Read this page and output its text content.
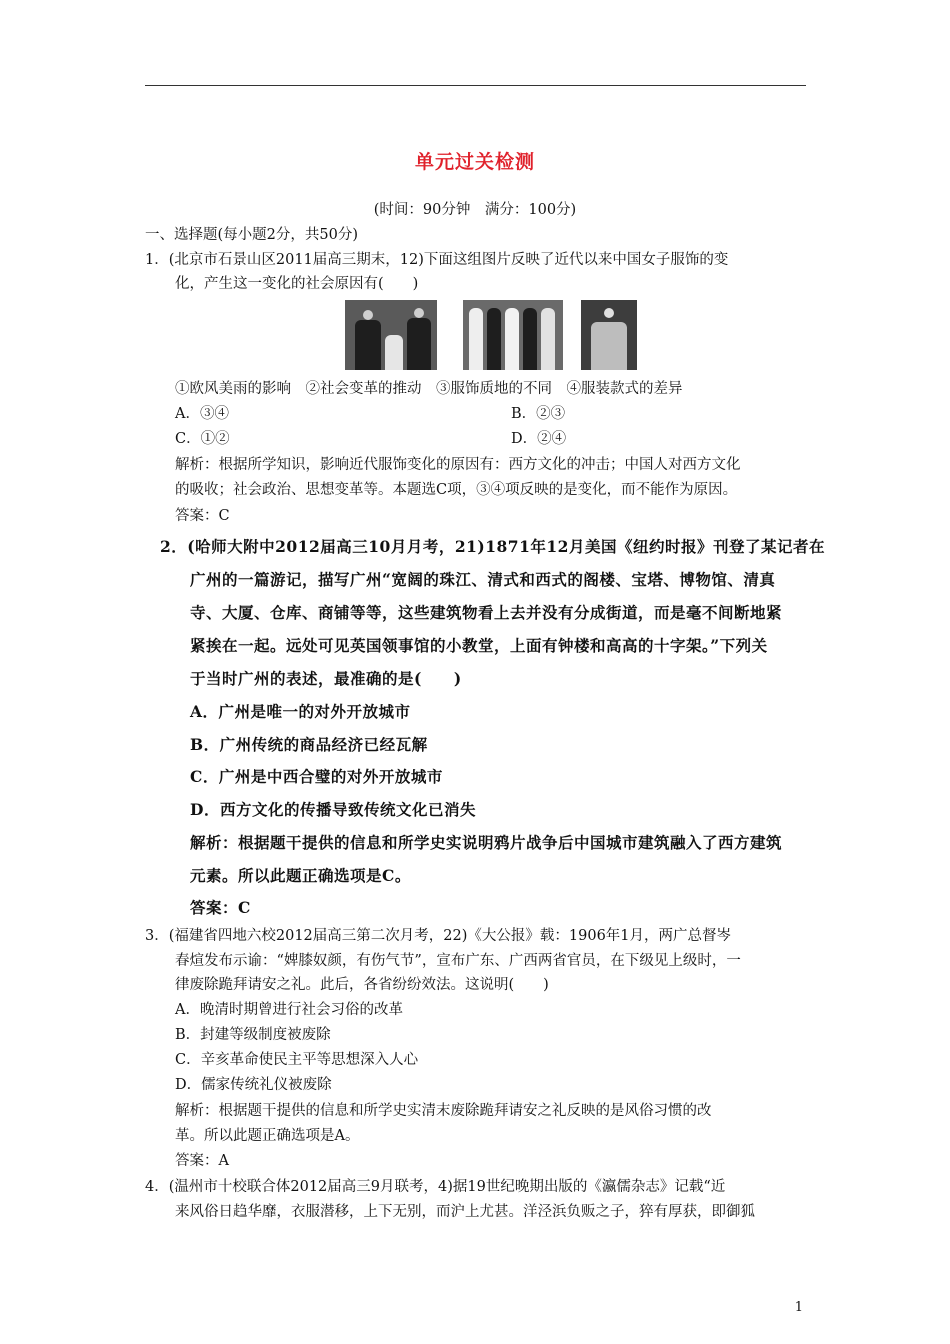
单元过关检测
(时间：90分钟　满分：100分)
一、选择题(每小题2分，共50分)
1．(北京市石景山区2011届高三期末，12)下面这组图片反映了近代以来中国女子服饰的变
化，产生这一变化的社会原因有(　　)
①欧风美雨的影响　②社会变革的推动　③服饰质地的不同　④服装款式的差异
A．③④	B．②③
C．①②	D．②④
解析：根据所学知识，影响近代服饰变化的原因有：西方文化的冲击；中国人对西方文化
的吸收；社会政治、思想变革等。本题选C项，③④项反映的是变化，而不能作为原因。
答案：C
2．(哈师大附中2012届高三10月月考，21)1871年12月美国《纽约时报》刊登了某记者在
广州的一篇游记，描写广州“宽阔的珠江、清式和西式的阁楼、宝塔、博物馆、清真
寺、大厦、仓库、商铺等等，这些建筑物看上去并没有分成街道，而是毫不间断地紧
紧挨在一起。远处可见英国领事馆的小教堂，上面有钟楼和高高的十字架。”下列关
于当时广州的表述，最准确的是(　　)
A．广州是唯一的对外开放城市
B．广州传统的商品经济已经瓦解
C．广州是中西合璧的对外开放城市
D．西方文化的传播导致传统文化已消失
解析：根据题干提供的信息和所学史实说明鸦片战争后中国城市建筑融入了西方建筑
元素。所以此题正确选项是C。
答案：C
3．(福建省四地六校2012届高三第二次月考，22)《大公报》载：1906年1月，两广总督岑
春煊发布示谕：“婢膝奴颜，有伤气节”，宣布广东、广西两省官员，在下级见上级时，一
律废除跪拜请安之礼。此后，各省纷纷效法。这说明(　　)
A．晚清时期曾进行社会习俗的改革
B．封建等级制度被废除
C．辛亥革命使民主平等思想深入人心
D．儒家传统礼仪被废除
解析：根据题干提供的信息和所学史实清末废除跪拜请安之礼反映的是风俗习惯的改
革。所以此题正确选项是A。
答案：A
4．(温州市十校联合体2012届高三9月联考，4)据19世纪晚期出版的《瀛儒杂志》记载“近
来风俗日趋华靡，衣服潜移，上下无别，而沪上尤甚。洋泾浜负贩之子，猝有厚获，即御狐
1
